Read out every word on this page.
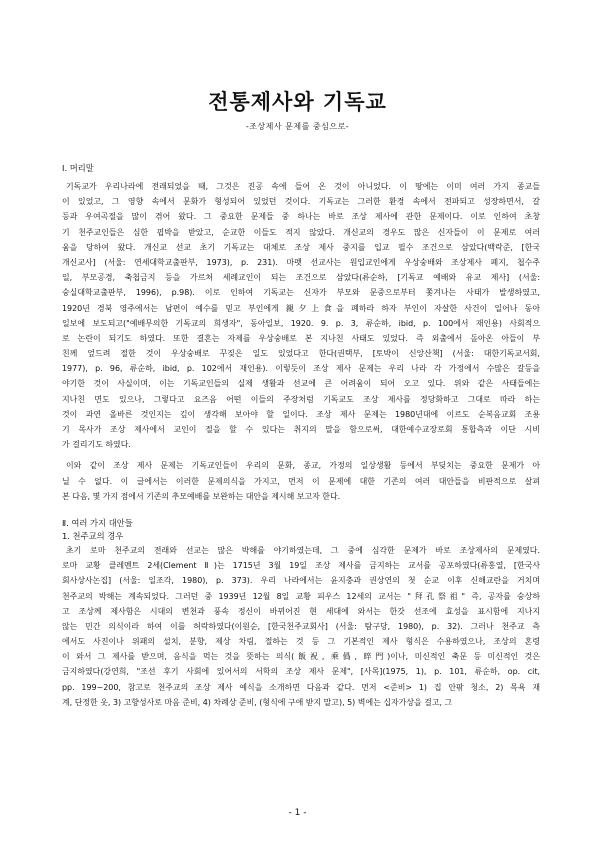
전통제사와 기독교
-조상제사 문제를 중심으로-
Ⅰ. 머리말
기독교가 우리나라에 전래되었을 때, 그것은 진공 속에 들어 온 것이 아니었다. 이 땅에는 이미 여러 가지 종교들
이 있었고, 그 영향 속에서 문화가 형성되어 있었던 것이다. 기독교는 그러한 환경 속에서 전파되고 성장하면서, 갈
등과 우여곡절을 많이 겪어 왔다. 그 중요한 문제들 중 하나는 바로 조상 제사에 관한 문제이다. 이로 인하여 초창
기 천주교인들은 심한 핍박을 받았고, 순교한 이들도 적지 않았다. 개신교의 경우도 많은 신자들이 이 문제로 여러
움을 당하여 왔다. 개신교 선교 초기 기독교는 대체로 조상 제사 중지를 입교 필수 조건으로 삼았다(백락준, [한국
개신교사] (서울: 연세대학교출판부, 1973), p. 231). 마펫 선교사는 원입교인에게 우상숭배와 조상제사 폐지, 첩수주
일, 부모공경, 축첩금지 등을 가르쳐 세례교인이 되는 조건으로 삼았다(류순하, [기독교 예배와 유교 제사] (서울:
숭실대학교출판부, 1996), p.98). 이로 인하여 기독교는 신자가 부모와 문중으로부터 쫓겨나는 사태가 발생하였고,
1920년 경북 영주에서는 남편이 예수를 믿고 부인에게 親夕上食을 폐하라 하자 부인이 자살한 사건이 일어나 동아
일보에 보도되고("예배무의한 기독교의 희생자", 동아일보, 1920. 9. p. 3, 류순하, ibid, p. 100에서 재인용) 사회적으
로 논란이 되기도 하였다. 또한 결혼는 자제를 우상숭배로 본 지나친 사태도 있었다. 즉 외출에서 돌아온 아들이 부
친께 엎드려 절한 것이 우상숭배로 꾸짖은 일도 있었다고 한다(권택부, [토박이 신앙산책] (서울: 대한기독교서회,
1977), p. 96, 류순하, ibid, p. 102에서 재인용). 이렇듯이 조상 제사 문제는 우리 나라 각 가정에서 수많은 갈등을
야기한 것이 사실이며, 이는 기독교인들의 실제 생활과 선교에 큰 어려움이 되어 오고 있다. 위와 같은 사태들에는
지나친 면도 있으나, 그렇다고 요즈음 어떤 이들의 주장처럼 기독교도 조상 제사를 정당화하고 그대로 따라 하는
것이 과연 올바른 것인지는 깊이 생각해 보아야 할 일이다. 조상 제사 문제는 1980년대에 이르도 순복음교회 조용
기 목사가 조상 제사에서 교인이 절을 할 수 있다는 취지의 말을 함으로써, 대한예수교장로회 통합측과 이단 시비
가 걸리기도 하였다.
이와 같이 조상 제사 문제는 기독교인들이 우리의 문화, 종교, 가정의 일상생활 등에서 부딪치는 중요한 문제가 아
닐 수 없다. 이 글에서는 이러한 문제의식을 가지고, 먼저 이 문제에 대한 기존의 여러 대안들을 비판적으로 살펴
본 다음, 몇 가지 점에서 기존의 추모예배를 보완하는 대안을 제시해 보고자 한다.
Ⅱ. 여러 가지 대안들
1. 천주교의 경우
초기 로마 천주교의 전래와 선교는 많은 박해를 야기하였는데, 그 중에 심각한 문제가 바로 조상제사의 문제였다.
로마 교황 클레멘트 2세(Clement Ⅱ)는 1715년 3월 19일 조상 제사를 금지하는 교서를 공포하였다(류홍열, [한국사
회사상사논집] (서울: 일조각, 1980), p. 373). 우리 나라에서는 윤지충과 권상연의 첫 순교 이후 신해교란을 거치며
천주교의 박해는 계속되었다. 그러던 중 1939년 12월 8일 교황 피우스 12세의 교서는 "拜孔祭祖" 즉, 공자를 숭상하
고 조상께 제사함은 시대의 변천과 풍속 정신이 바뀌어진 현 세대에 와서는 한갓 선조에 효성을 표시함에 지나지
않는 민간 의식이라 하여 이를 허락하였다(이원순, [한국천주교회사] (서울: 탐구당, 1980), p. 32). 그러나 천주교 측
에서도 사진이나 위패의 설치, 분향, 제상 차림, 절하는 것 등 그 기본적인 제사 형식은 수용하였으나, 조상의 혼령
이 와서 그 제사를 받으며, 음식을 먹는 것을 뜻하는 의식(飯祝, 乘僞, 晬門)이나, 미신적인 축문 등 미신적인 것은
금지하였다(강연희, "조선 후기 사회에 있어서의 서학의 조상 제사 문제", [사목](1975, 1), p. 101, 류순하, op. cit,
pp. 199~200, 참고로 천주교의 조상 제사 예식을 소개하면 다음과 같다. 먼저 <준비> 1) 집 안팎 청소, 2) 목욕 재
계, 단정한 옷, 3) 고향성사로 마음 준비, 4) 차례상 준비, (형식에 구애 받지 말고), 5) 벽에는 십자가상을 걸고, 그
- 1 -
